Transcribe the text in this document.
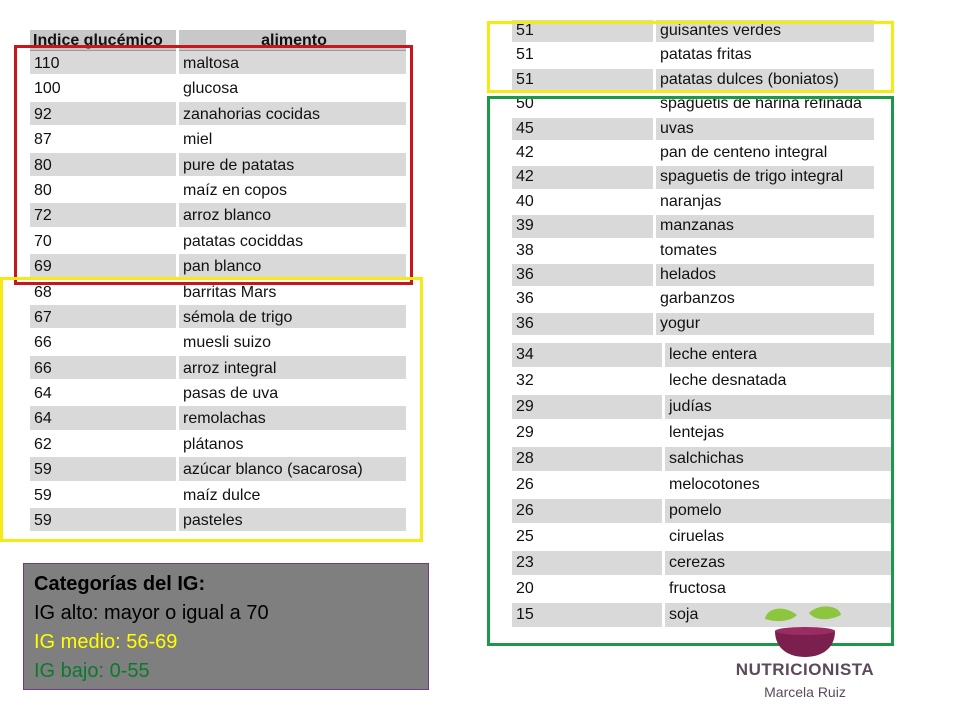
Indice glucémico	alimento
110	maltosa
100	glucosa
92	zanahorias cocidas
87	miel
80	pure de patatas
80	maíz en copos
72	arroz blanco
70	patatas cociddas
69	pan blanco
68	barritas Mars
67	sémola de trigo
66	muesli suizo
66	arroz integral
64	pasas de uva
64	remolachas
62	plátanos
59	azúcar blanco (sacarosa)
59	maíz dulce
59	pasteles
51	guisantes verdes
51	patatas fritas
51	patatas dulces (boniatos)
50	spaguetis de harina refinada
45	uvas
42	pan de centeno integral
42	spaguetis de trigo integral
40	naranjas
39	manzanas
38	tomates
36	helados
36	garbanzos
36	yogur
34	leche entera
32	leche desnatada
29	judías
29	lentejas
28	salchichas
26	melocotones
26	pomelo
25	ciruelas
23	cerezas
20	fructosa
15	soja
Categorías del IG:
IG alto: mayor o igual a 70
IG medio: 56-69
IG bajo: 0-55	NUTRICIONISTA
Marcela Ruiz
